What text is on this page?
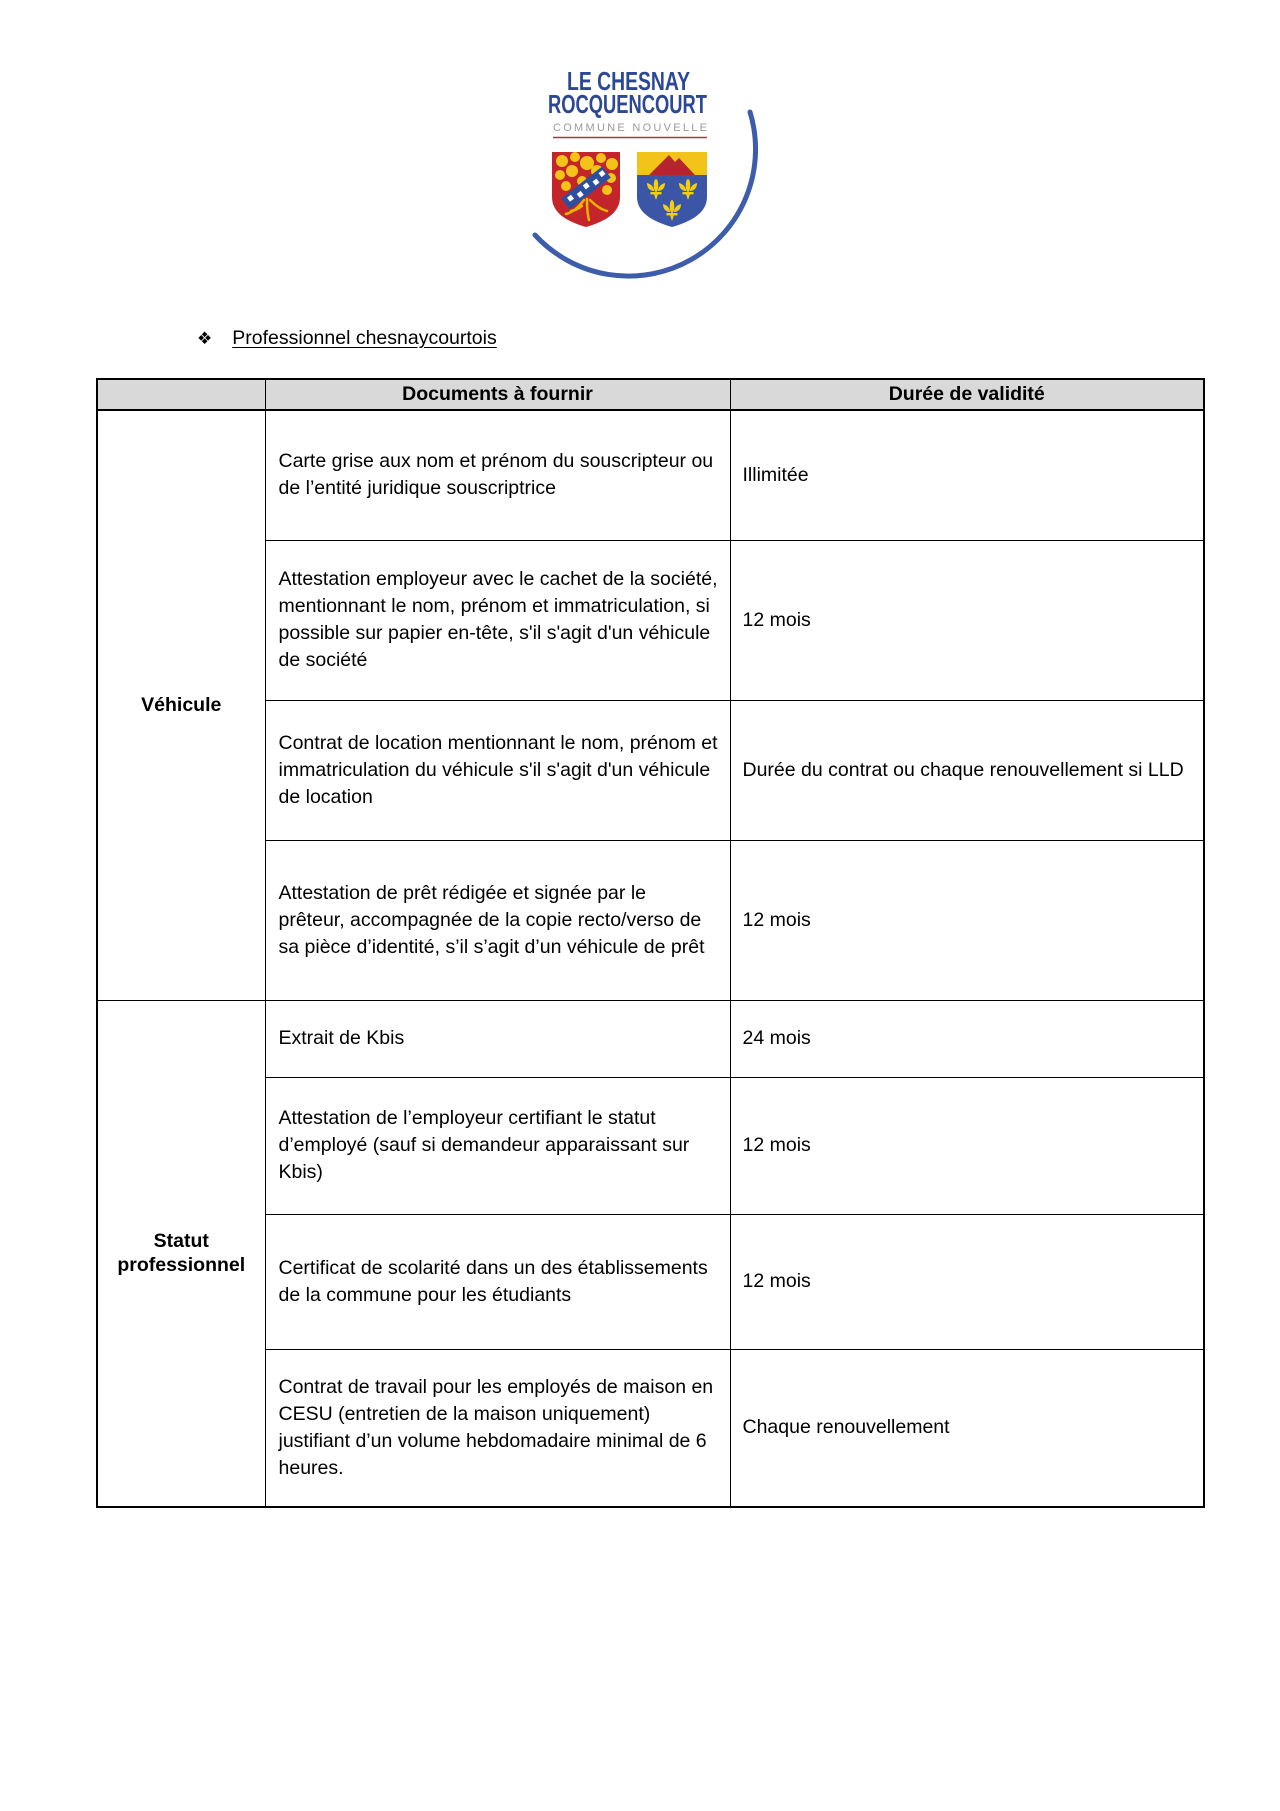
LE CHESNAY
ROCQUENCOURT
COMMUNE NOUVELLE
❖ Professionnel chesnaycourtois
	Documents à fournir	Durée de validité
Véhicule	Carte grise aux nom et prénom du souscripteur ou de l’entité juridique souscriptrice	Illimitée
	Attestation employeur avec le cachet de la société, mentionnant le nom, prénom et immatriculation, si possible sur papier en-tête, s'il s'agit d'un véhicule de société	12 mois
	Contrat de location mentionnant le nom, prénom et immatriculation du véhicule s'il s'agit d'un véhicule de location	Durée du contrat ou chaque renouvellement si LLD
	Attestation de prêt rédigée et signée par le prêteur, accompagnée de la copie recto/verso de sa pièce d’identité, s’il s’agit d’un véhicule de prêt	12 mois
Statut professionnel	Extrait de Kbis	24 mois
	Attestation de l’employeur certifiant le statut d’employé (sauf si demandeur apparaissant sur Kbis)	12 mois
	Certificat de scolarité dans un des établissements de la commune pour les étudiants	12 mois
	Contrat de travail pour les employés de maison en CESU (entretien de la maison uniquement) justifiant d’un volume hebdomadaire minimal de 6 heures.	Chaque renouvellement
